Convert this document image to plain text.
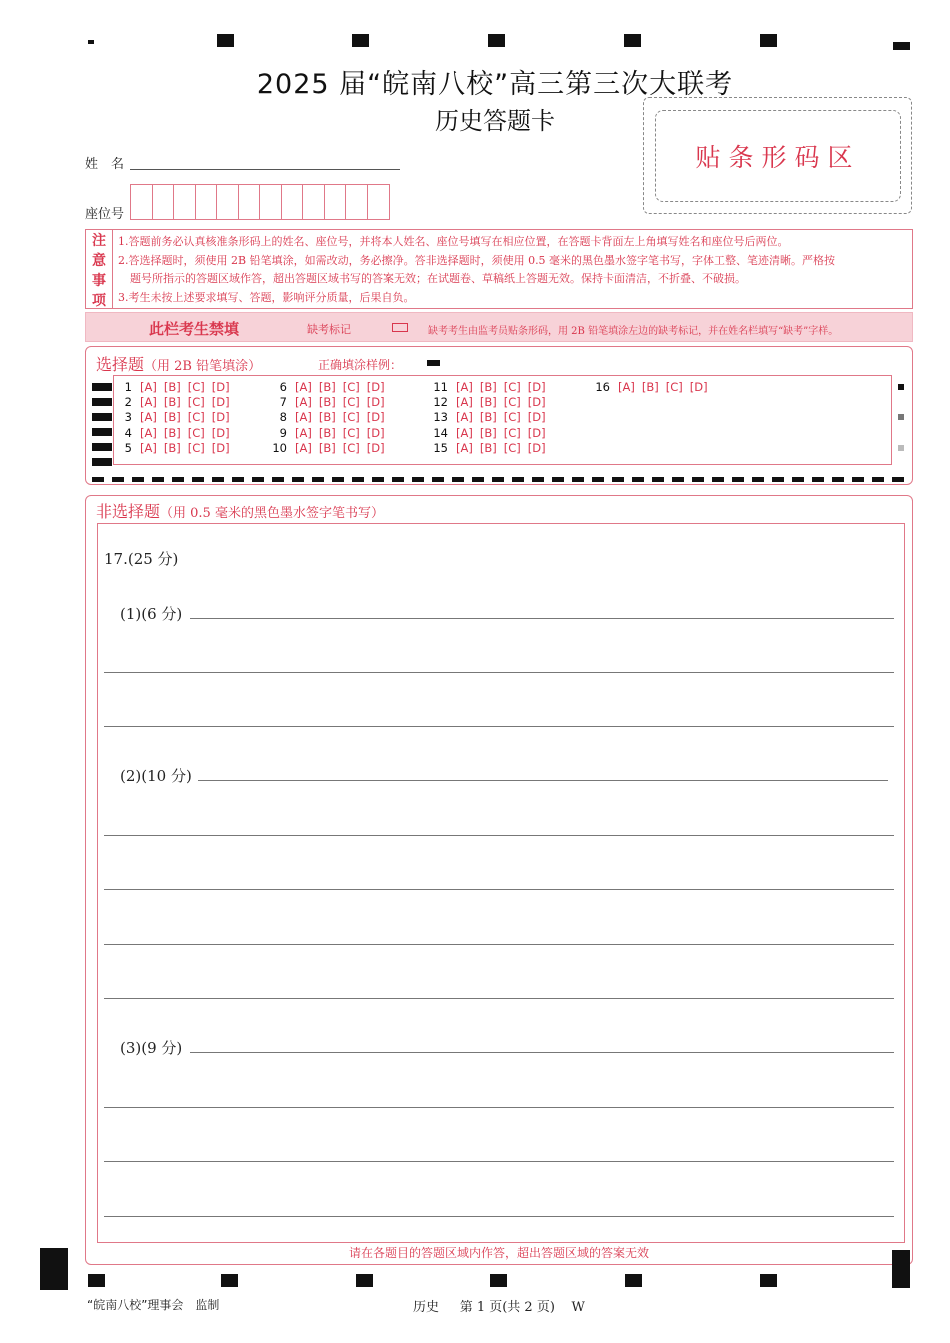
2025 届“皖南八校”高三第三次大联考
历史答题卡
贴条形码区
姓　名
座位号
注
意
事
项
1.答题前务必认真核准条形码上的姓名、座位号，并将本人姓名、座位号填写在相应位置，在答题卡背面左上角填写姓名和座位号后两位。
2.答选择题时，须使用 2B 铅笔填涂，如需改动，务必擦净。答非选择题时，须使用 0.5 毫米的黑色墨水签字笔书写，字体工整、笔迹清晰。严格按
题号所指示的答题区域作答，超出答题区域书写的答案无效；在试题卷、草稿纸上答题无效。保持卡面清洁，不折叠、不破损。
3.考生未按上述要求填写、答题，影响评分质量，后果自负。
此栏考生禁填	缺考标记	缺考考生由监考员贴条形码，用 2B 铅笔填涂左边的缺考标记，并在姓名栏填写“缺考”字样。
选择题（用 2B 铅笔填涂）	正确填涂样例：
1 [A] [B] [C] [D]
2 [A] [B] [C] [D]
3 [A] [B] [C] [D]
4 [A] [B] [C] [D]
5 [A] [B] [C] [D]
6 [A] [B] [C] [D]
7 [A] [B] [C] [D]
8 [A] [B] [C] [D]
9 [A] [B] [C] [D]
10 [A] [B] [C] [D]
11 [A] [B] [C] [D]
12 [A] [B] [C] [D]
13 [A] [B] [C] [D]
14 [A] [B] [C] [D]
15 [A] [B] [C] [D]
16 [A] [B] [C] [D]
非选择题（用 0.5 毫米的黑色墨水签字笔书写）
17.(25 分)
(1)(6 分)
(2)(10 分)
(3)(9 分)
请在各题目的答题区域内作答，超出答题区域的答案无效
“皖南八校”理事会　监制	历史 第 1 页(共 2 页) W
